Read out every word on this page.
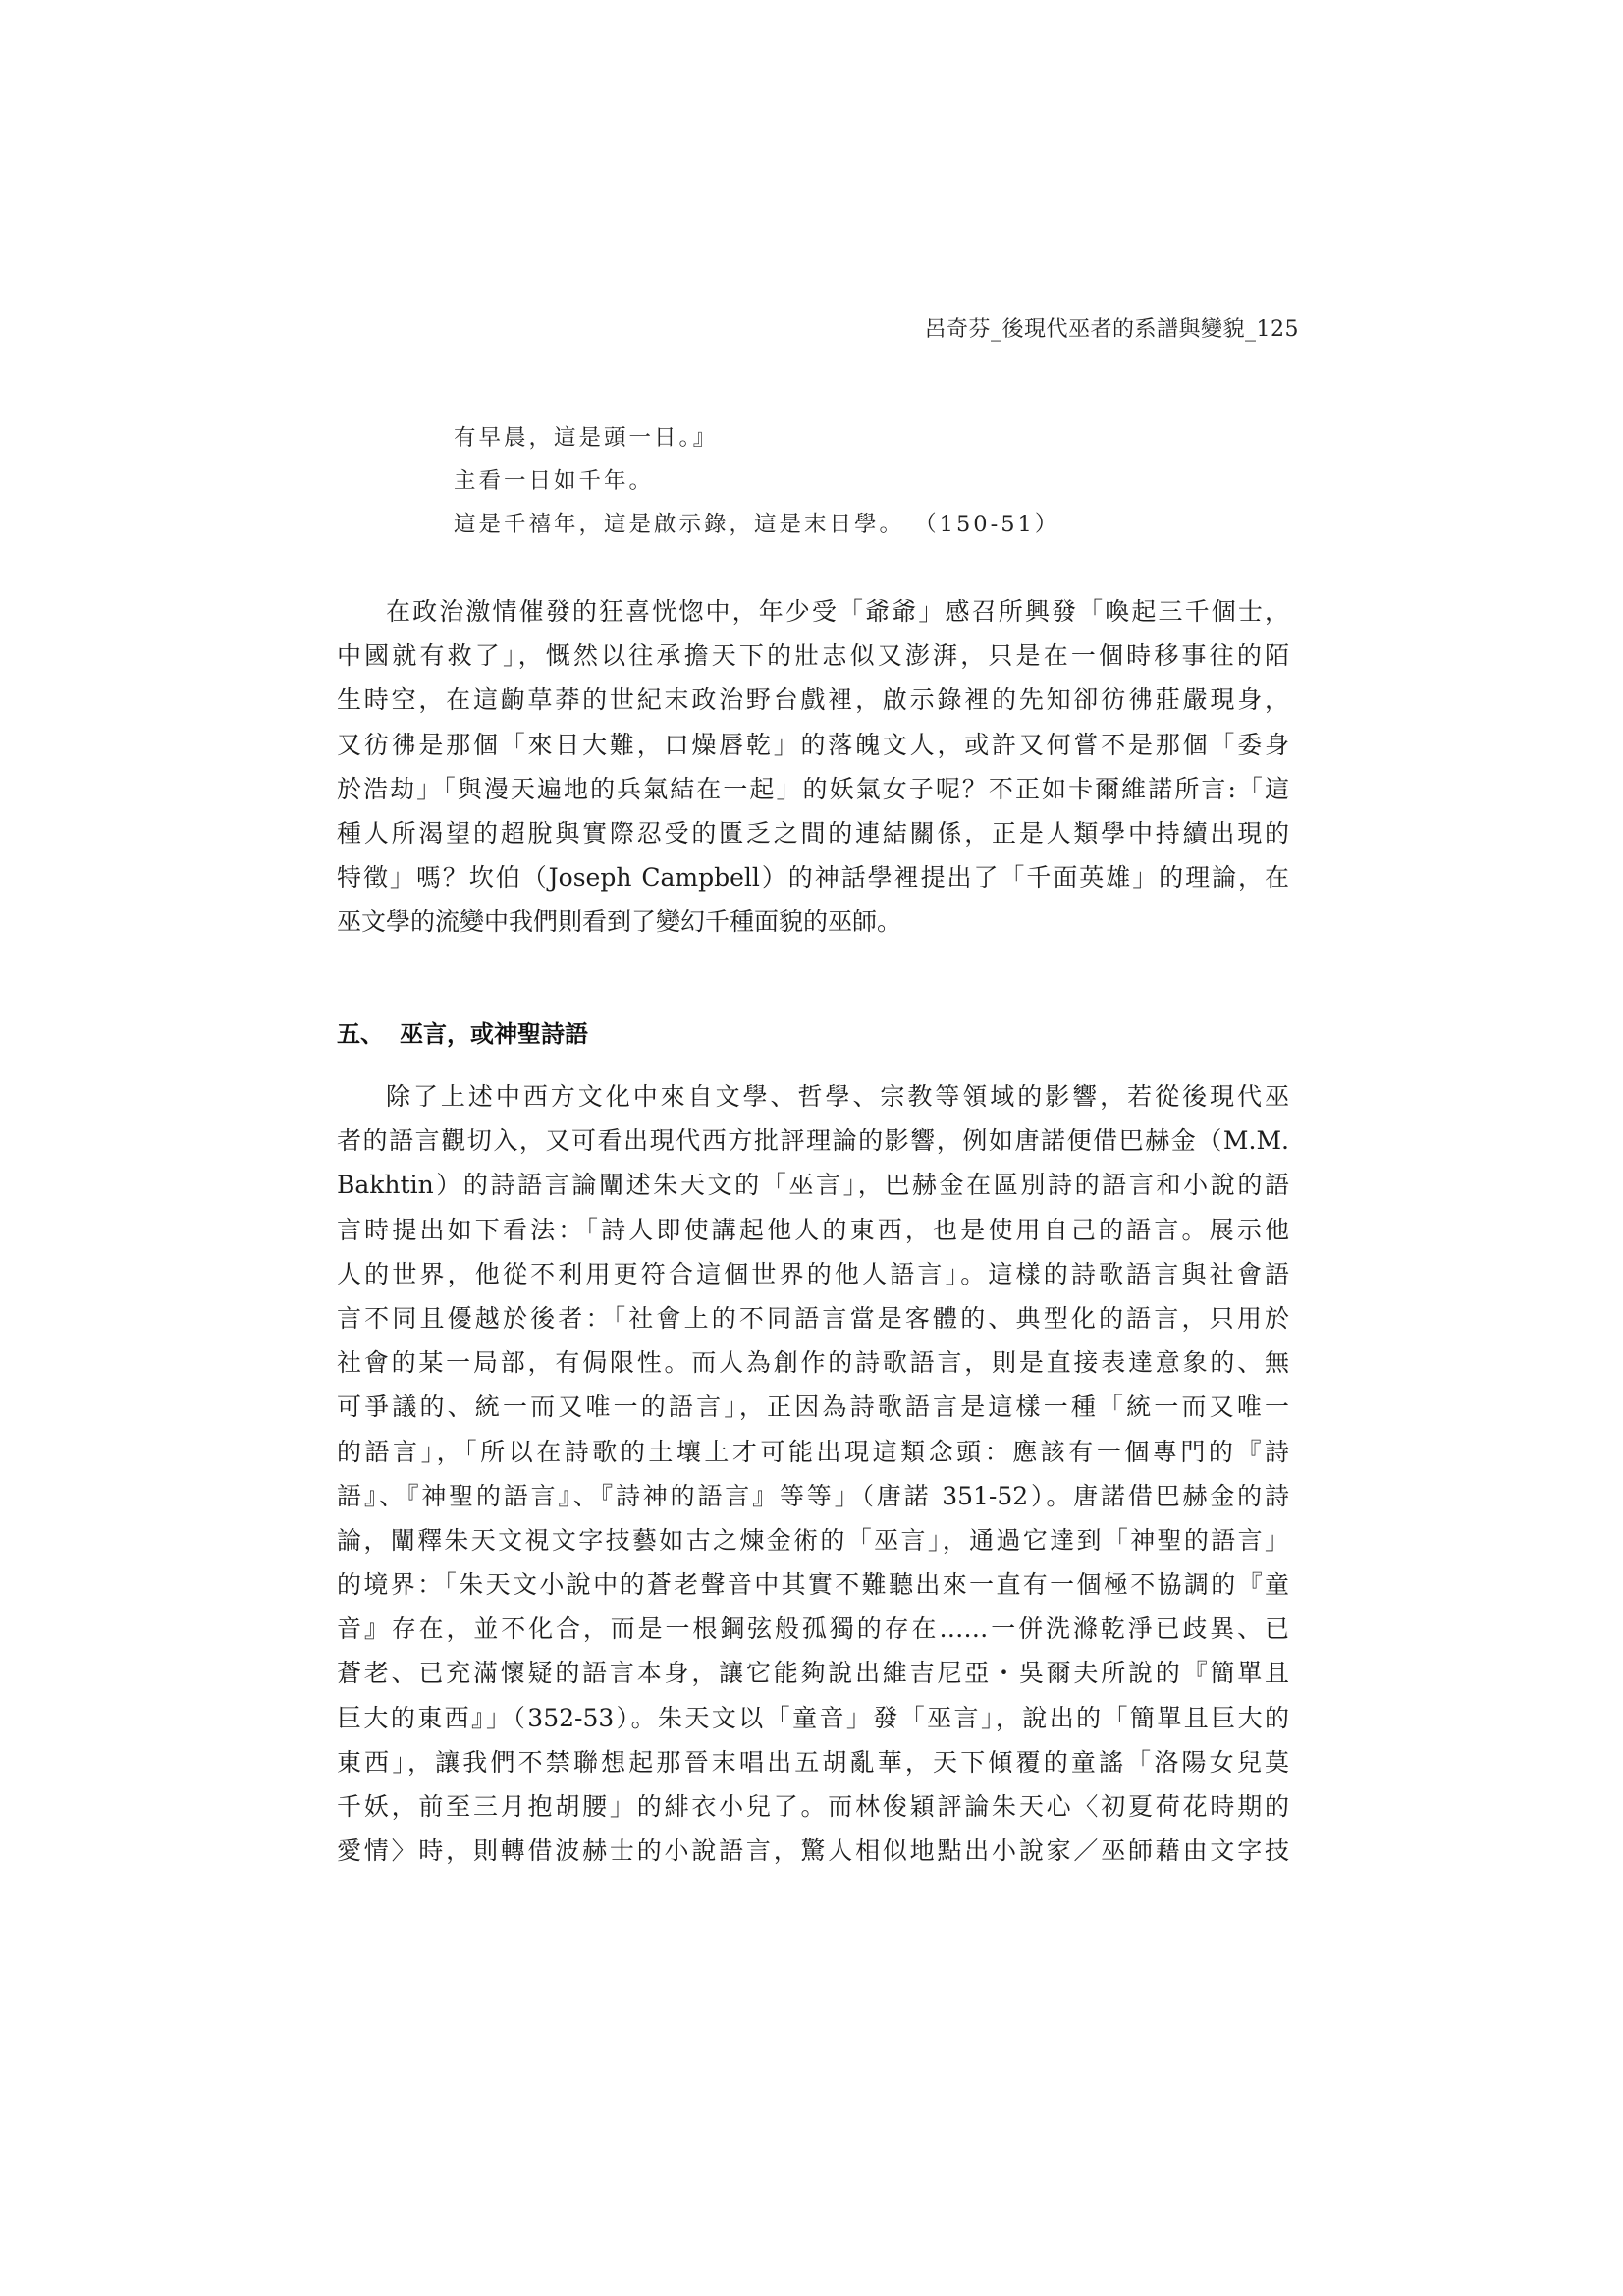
呂奇芬_後現代巫者的系譜與變貌_125
有早晨，這是頭一日。』
主看一日如千年。
這是千禧年，這是啟示錄，這是末日學。 （150-51）
在政治激情催發的狂喜恍惚中，年少受「爺爺」感召所興發「喚起三千個士，
中國就有救了」，慨然以往承擔天下的壯志似又澎湃，只是在一個時移事往的陌
生時空，在這齣草莽的世紀末政治野台戲裡，啟示錄裡的先知卻彷彿莊嚴現身，
又彷彿是那個「來日大難，口燥唇乾」的落魄文人，或許又何嘗不是那個「委身
於浩劫」「與漫天遍地的兵氣結在一起」的妖氣女子呢？不正如卡爾維諾所言:「這
種人所渴望的超脫與實際忍受的匱乏之間的連結關係，正是人類學中持續出現的
特徵」嗎？坎伯（Joseph Campbell）的神話學裡提出了「千面英雄」的理論，在
巫文學的流變中我們則看到了變幻千種面貌的巫師。
五、 巫言，或神聖詩語
除了上述中西方文化中來自文學、哲學、宗教等領域的影響，若從後現代巫
者的語言觀切入，又可看出現代西方批評理論的影響，例如唐諾便借巴赫金（M.M.
Bakhtin）的詩語言論闡述朱天文的「巫言」，巴赫金在區別詩的語言和小說的語
言時提出如下看法：「詩人即使講起他人的東西，也是使用自己的語言。展示他
人的世界，他從不利用更符合這個世界的他人語言」。這樣的詩歌語言與社會語
言不同且優越於後者：「社會上的不同語言當是客體的、典型化的語言，只用於
社會的某一局部，有侷限性。而人為創作的詩歌語言，則是直接表達意象的、無
可爭議的、統一而又唯一的語言」，正因為詩歌語言是這樣一種「統一而又唯一
的語言」，「所以在詩歌的土壤上才可能出現這類念頭：應該有一個專門的『詩
語』、『神聖的語言』、『詩神的語言』等等」（唐諾 351-52）。唐諾借巴赫金的詩
論，闡釋朱天文視文字技藝如古之煉金術的「巫言」，通過它達到「神聖的語言」
的境界：「朱天文小說中的蒼老聲音中其實不難聽出來一直有一個極不協調的『童
音』存在，並不化合，而是一根鋼弦般孤獨的存在……一併洗滌乾淨已歧異、已
蒼老、已充滿懷疑的語言本身，讓它能夠說出維吉尼亞・吳爾夫所說的『簡單且
巨大的東西』」（352-53）。朱天文以「童音」發「巫言」，說出的「簡單且巨大的
東西」，讓我們不禁聯想起那晉末唱出五胡亂華，天下傾覆的童謠「洛陽女兒莫
千妖，前至三月抱胡腰」的緋衣小兒了。而林俊穎評論朱天心〈初夏荷花時期的
愛情〉時，則轉借波赫士的小說語言，驚人相似地點出小說家／巫師藉由文字技
